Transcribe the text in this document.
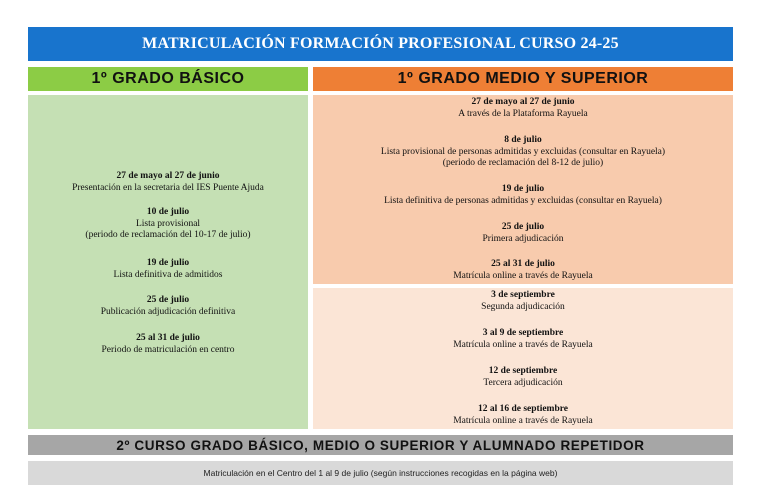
MATRICULACIÓN FORMACIÓN PROFESIONAL CURSO 24-25
1º GRADO BÁSICO	1º GRADO MEDIO Y SUPERIOR
27 de mayo al 27 de junio
Presentación en la secretaria del IES Puente Ajuda
10 de julio
Lista provisional
(periodo de reclamación del 10-17 de julio)
19 de julio
Lista definitiva de admitidos
25 de julio
Publicación adjudicación definitiva
25 al 31 de julio
Periodo de matriculación en centro
27 de mayo al 27 de junio
A través de la Plataforma Rayuela
8 de julio
Lista provisional de personas admitidas y excluidas (consultar en Rayuela)
(periodo de reclamación del 8-12 de julio)
19 de julio
Lista definitiva de personas admitidas y excluidas (consultar en Rayuela)
25 de julio
Primera adjudicación
25 al 31 de julio
Matrícula online a través de Rayuela
3 de septiembre
Segunda adjudicación
3 al 9 de septiembre
Matrícula online a través de Rayuela
12 de septiembre
Tercera adjudicación
12 al 16 de septiembre
Matrícula online a través de Rayuela
2º CURSO GRADO BÁSICO, MEDIO O SUPERIOR Y ALUMNADO REPETIDOR
Matriculación en el Centro del 1 al 9 de julio (según instrucciones recogidas en la página web)
